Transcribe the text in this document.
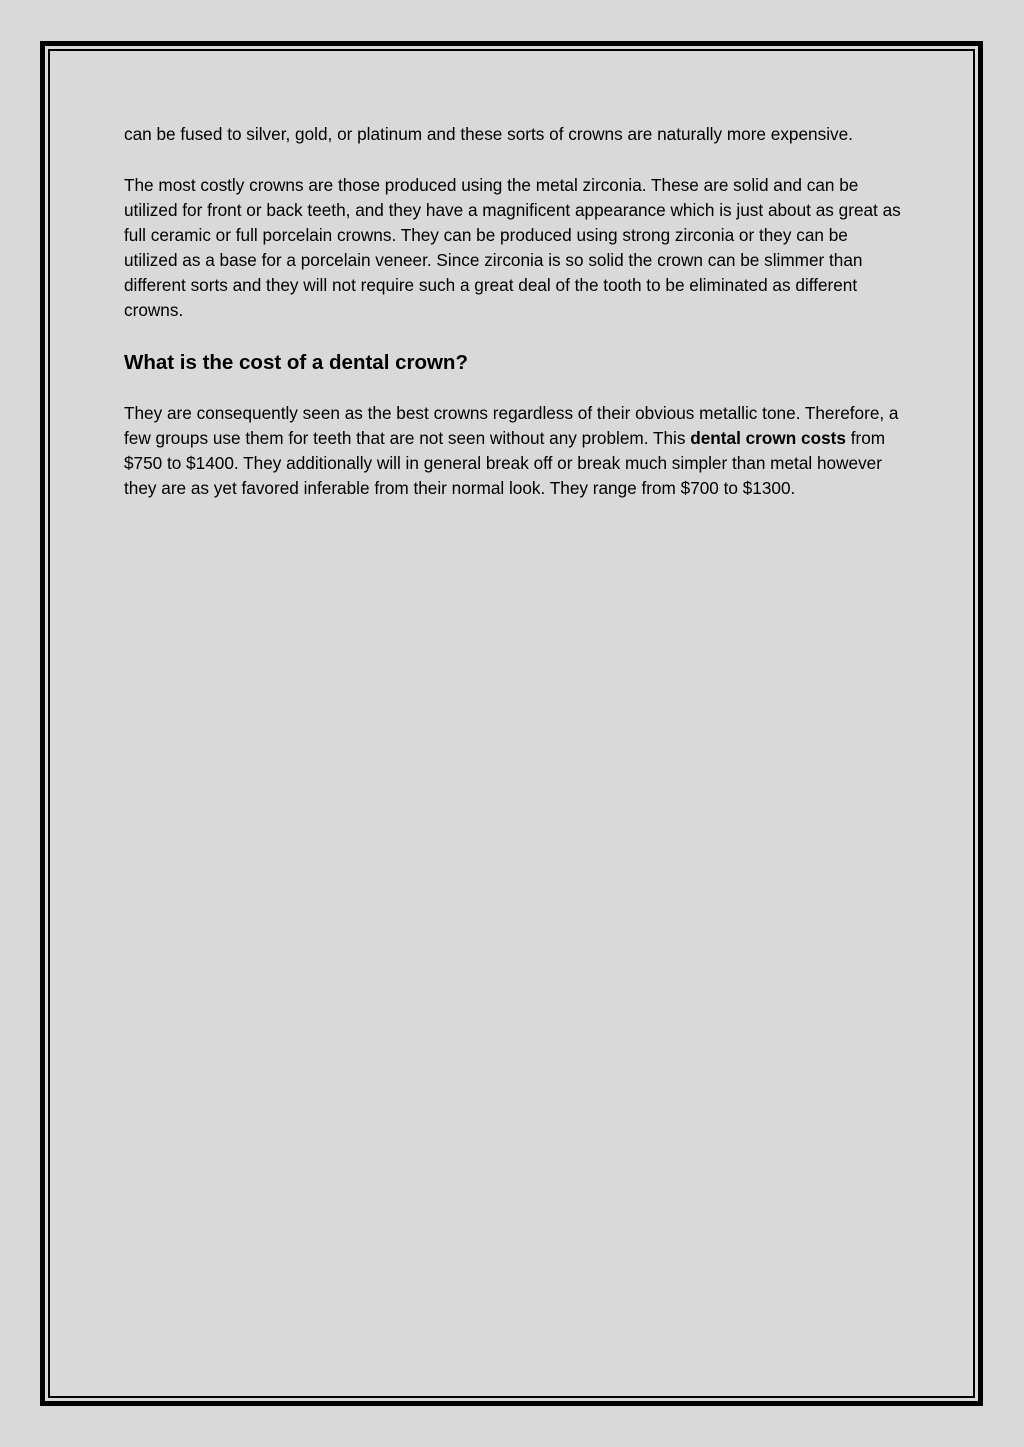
can be fused to silver, gold, or platinum and these sorts of crowns are naturally more expensive.

The most costly crowns are those produced using the metal zirconia. These are solid and can be utilized for front or back teeth, and they have a magnificent appearance which is just about as great as full ceramic or full porcelain crowns. They can be produced using strong zirconia or they can be utilized as a base for a porcelain veneer. Since zirconia is so solid the crown can be slimmer than different sorts and they will not require such a great deal of the tooth to be eliminated as different crowns.

What is the cost of a dental crown?

They are consequently seen as the best crowns regardless of their obvious metallic tone. Therefore, a few groups use them for teeth that are not seen without any problem. This dental crown costs from $750 to $1400. They additionally will in general break off or break much simpler than metal however they are as yet favored inferable from their normal look. They range from $700 to $1300.
